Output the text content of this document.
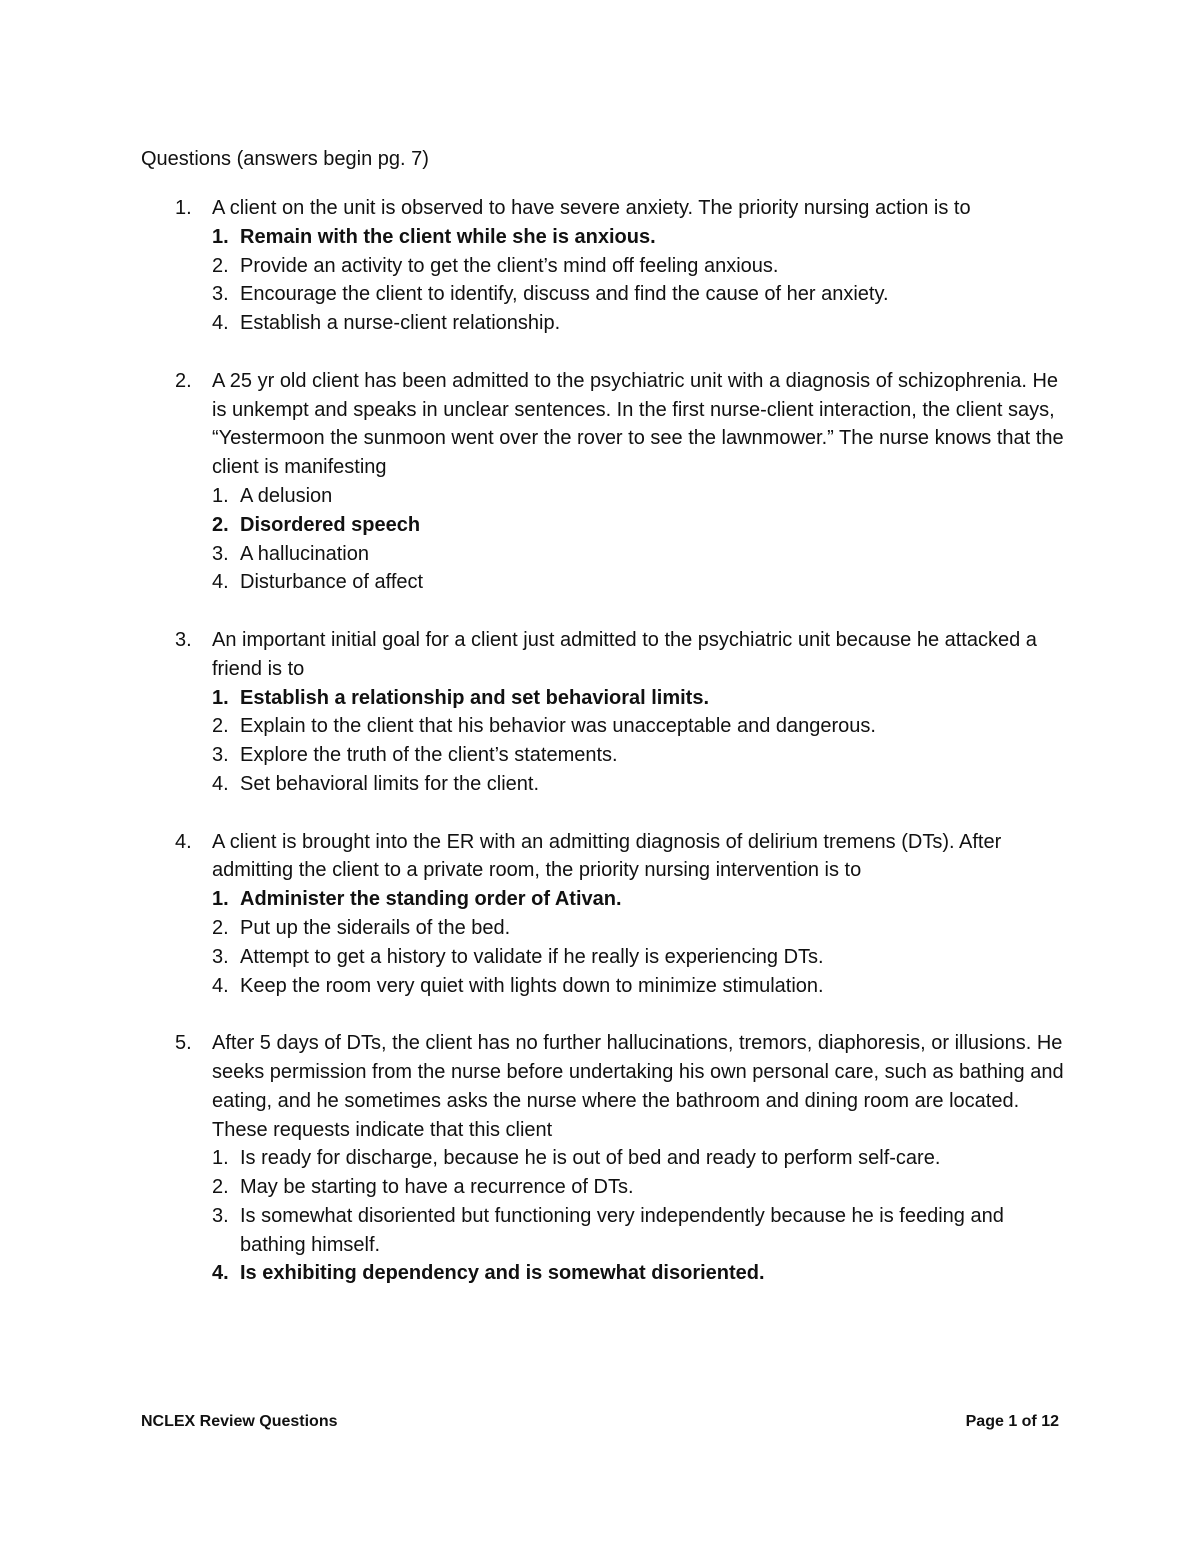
Questions (answers begin pg. 7)
1. A client on the unit is observed to have severe anxiety. The priority nursing action is to
1. Remain with the client while she is anxious.
2. Provide an activity to get the client’s mind off feeling anxious.
3. Encourage the client to identify, discuss and find the cause of her anxiety.
4. Establish a nurse-client relationship.
2. A 25 yr old client has been admitted to the psychiatric unit with a diagnosis of schizophrenia. He is unkempt and speaks in unclear sentences. In the first nurse-client interaction, the client says, “Yestermoon the sunmoon went over the rover to see the lawnmower.” The nurse knows that the client is manifesting
1. A delusion
2. Disordered speech
3. A hallucination
4. Disturbance of affect
3. An important initial goal for a client just admitted to the psychiatric unit because he attacked a friend is to
1. Establish a relationship and set behavioral limits.
2. Explain to the client that his behavior was unacceptable and dangerous.
3. Explore the truth of the client’s statements.
4. Set behavioral limits for the client.
4. A client is brought into the ER with an admitting diagnosis of delirium tremens (DTs). After admitting the client to a private room, the priority nursing intervention is to
1. Administer the standing order of Ativan.
2. Put up the siderails of the bed.
3. Attempt to get a history to validate if he really is experiencing DTs.
4. Keep the room very quiet with lights down to minimize stimulation.
5. After 5 days of DTs, the client has no further hallucinations, tremors, diaphoresis, or illusions. He seeks permission from the nurse before undertaking his own personal care, such as bathing and eating, and he sometimes asks the nurse where the bathroom and dining room are located. These requests indicate that this client
1. Is ready for discharge, because he is out of bed and ready to perform self-care.
2. May be starting to have a recurrence of DTs.
3. Is somewhat disoriented but functioning very independently because he is feeding and bathing himself.
4. Is exhibiting dependency and is somewhat disoriented.
NCLEX Review Questions	Page 1 of 12
